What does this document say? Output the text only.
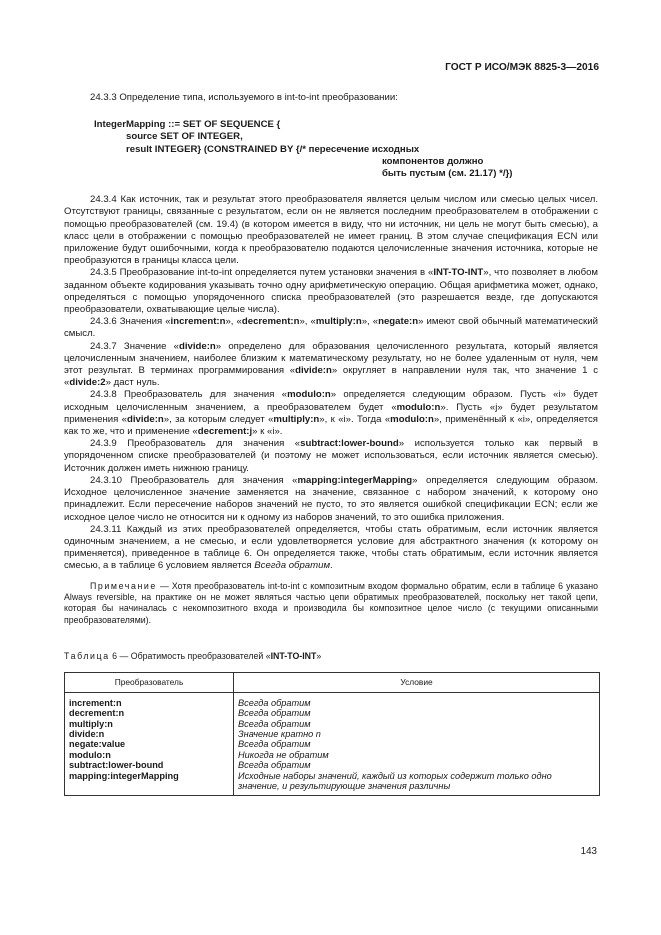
ГОСТ Р ИСО/МЭК 8825-3—2016

24.3.3 Определение типа, используемого в int-to-int преобразовании:

IntegerMapping ::= SET OF SEQUENCE {
source SET OF INTEGER,
result INTEGER} (CONSTRAINED BY {/* пересечение исходных
компонентов должно
быть пустым (см. 21.17) */})

24.3.4 Как источник, так и результат этого преобразователя является целым числом или смесью целых чисел. Отсутствуют границы, связанные с результатом, если он не является последним преобразователем в отображении с помощью преобразователей (см. 19.4) (в котором имеется в виду, что ни источник, ни цель не могут быть смесью), а класс цели в отображении с помощью преобразователей не имеет границ. В этом случае спецификация ECN или приложение будут ошибочными, когда к преобразователю подаются целочисленные значения источника, которые не преобразуются в границы класса цели.

24.3.5 Преобразование int-to-int определяется путем установки значения в «INT-TO-INT», что позволяет в любом заданном объекте кодирования указывать точно одну арифметическую операцию. Общая арифметика может, однако, определяться с помощью упорядоченного списка преобразователей (это разрешается везде, где допускаются преобразователи, охватывающие целые числа).

24.3.6 Значения «increment:n», «decrement:n», «multiply:n», «negate:n» имеют свой обычный математический смысл.

24.3.7 Значение «divide:n» определено для образования целочисленного результата, который является целочисленным значением, наиболее близким к математическому результату, но не более удаленным от нуля, чем этот результат. В терминах программирования «divide:n» округляет в направлении нуля так, что значение 1 с «divide:2» даст нуль.

24.3.8 Преобразователь для значения «modulo:n» определяется следующим образом. Пусть «i» будет исходным целочисленным значением, а преобразователем будет «modulo:n». Пусть «j» будет результатом применения «divide:n», за которым следует «multiply:n», к «i». Тогда «modulo:n», применённый к «i», определяется как то же, что и применение «decrement:j» к «i».

24.3.9 Преобразователь для значения «subtract:lower-bound» используется только как первый в упорядоченном списке преобразователей (и поэтому не может использоваться, если источник является смесью). Источник должен иметь нижнюю границу.

24.3.10 Преобразователь для значения «mapping:integerMapping» определяется следующим образом. Исходное целочисленное значение заменяется на значение, связанное с набором значений, к которому оно принадлежит. Если пересечение наборов значений не пусто, то это является ошибкой спецификации ECN; если же исходное целое число не относится ни к одному из наборов значений, то это ошибка приложения.

24.3.11 Каждый из этих преобразователей определяется, чтобы стать обратимым, если источник является одиночным значением, а не смесью, и если удовлетворяется условие для абстрактного значения (к которому он применяется), приведенное в таблице 6. Он определяется также, чтобы стать обратимым, если источник является смесью, а в таблице 6 условием является Всегда обратим.

Примечание — Хотя преобразователь int-to-int с композитным входом формально обратим, если в таблице 6 указано Always reversible, на практике он не может являться частью цепи обратимых преобразователей, поскольку нет такой цепи, которая бы начиналась с некомпозитного входа и производила бы композитное целое число (с текущими описанными преобразователями).

Таблица 6 — Обратимость преобразователей «INT-TO-INT»
Преобразователь	Условие
increment:n	Всегда обратим
decrement:n	Всегда обратим
multiply:n	Всегда обратим
divide:n	Значение кратно n
negate:value	Всегда обратим
modulo:n	Никогда не обратим
subtract:lower-bound	Всегда обратим
mapping:integerMapping	Исходные наборы значений, каждый из которых содержит только одно значение, и результирующие значения различны
143
